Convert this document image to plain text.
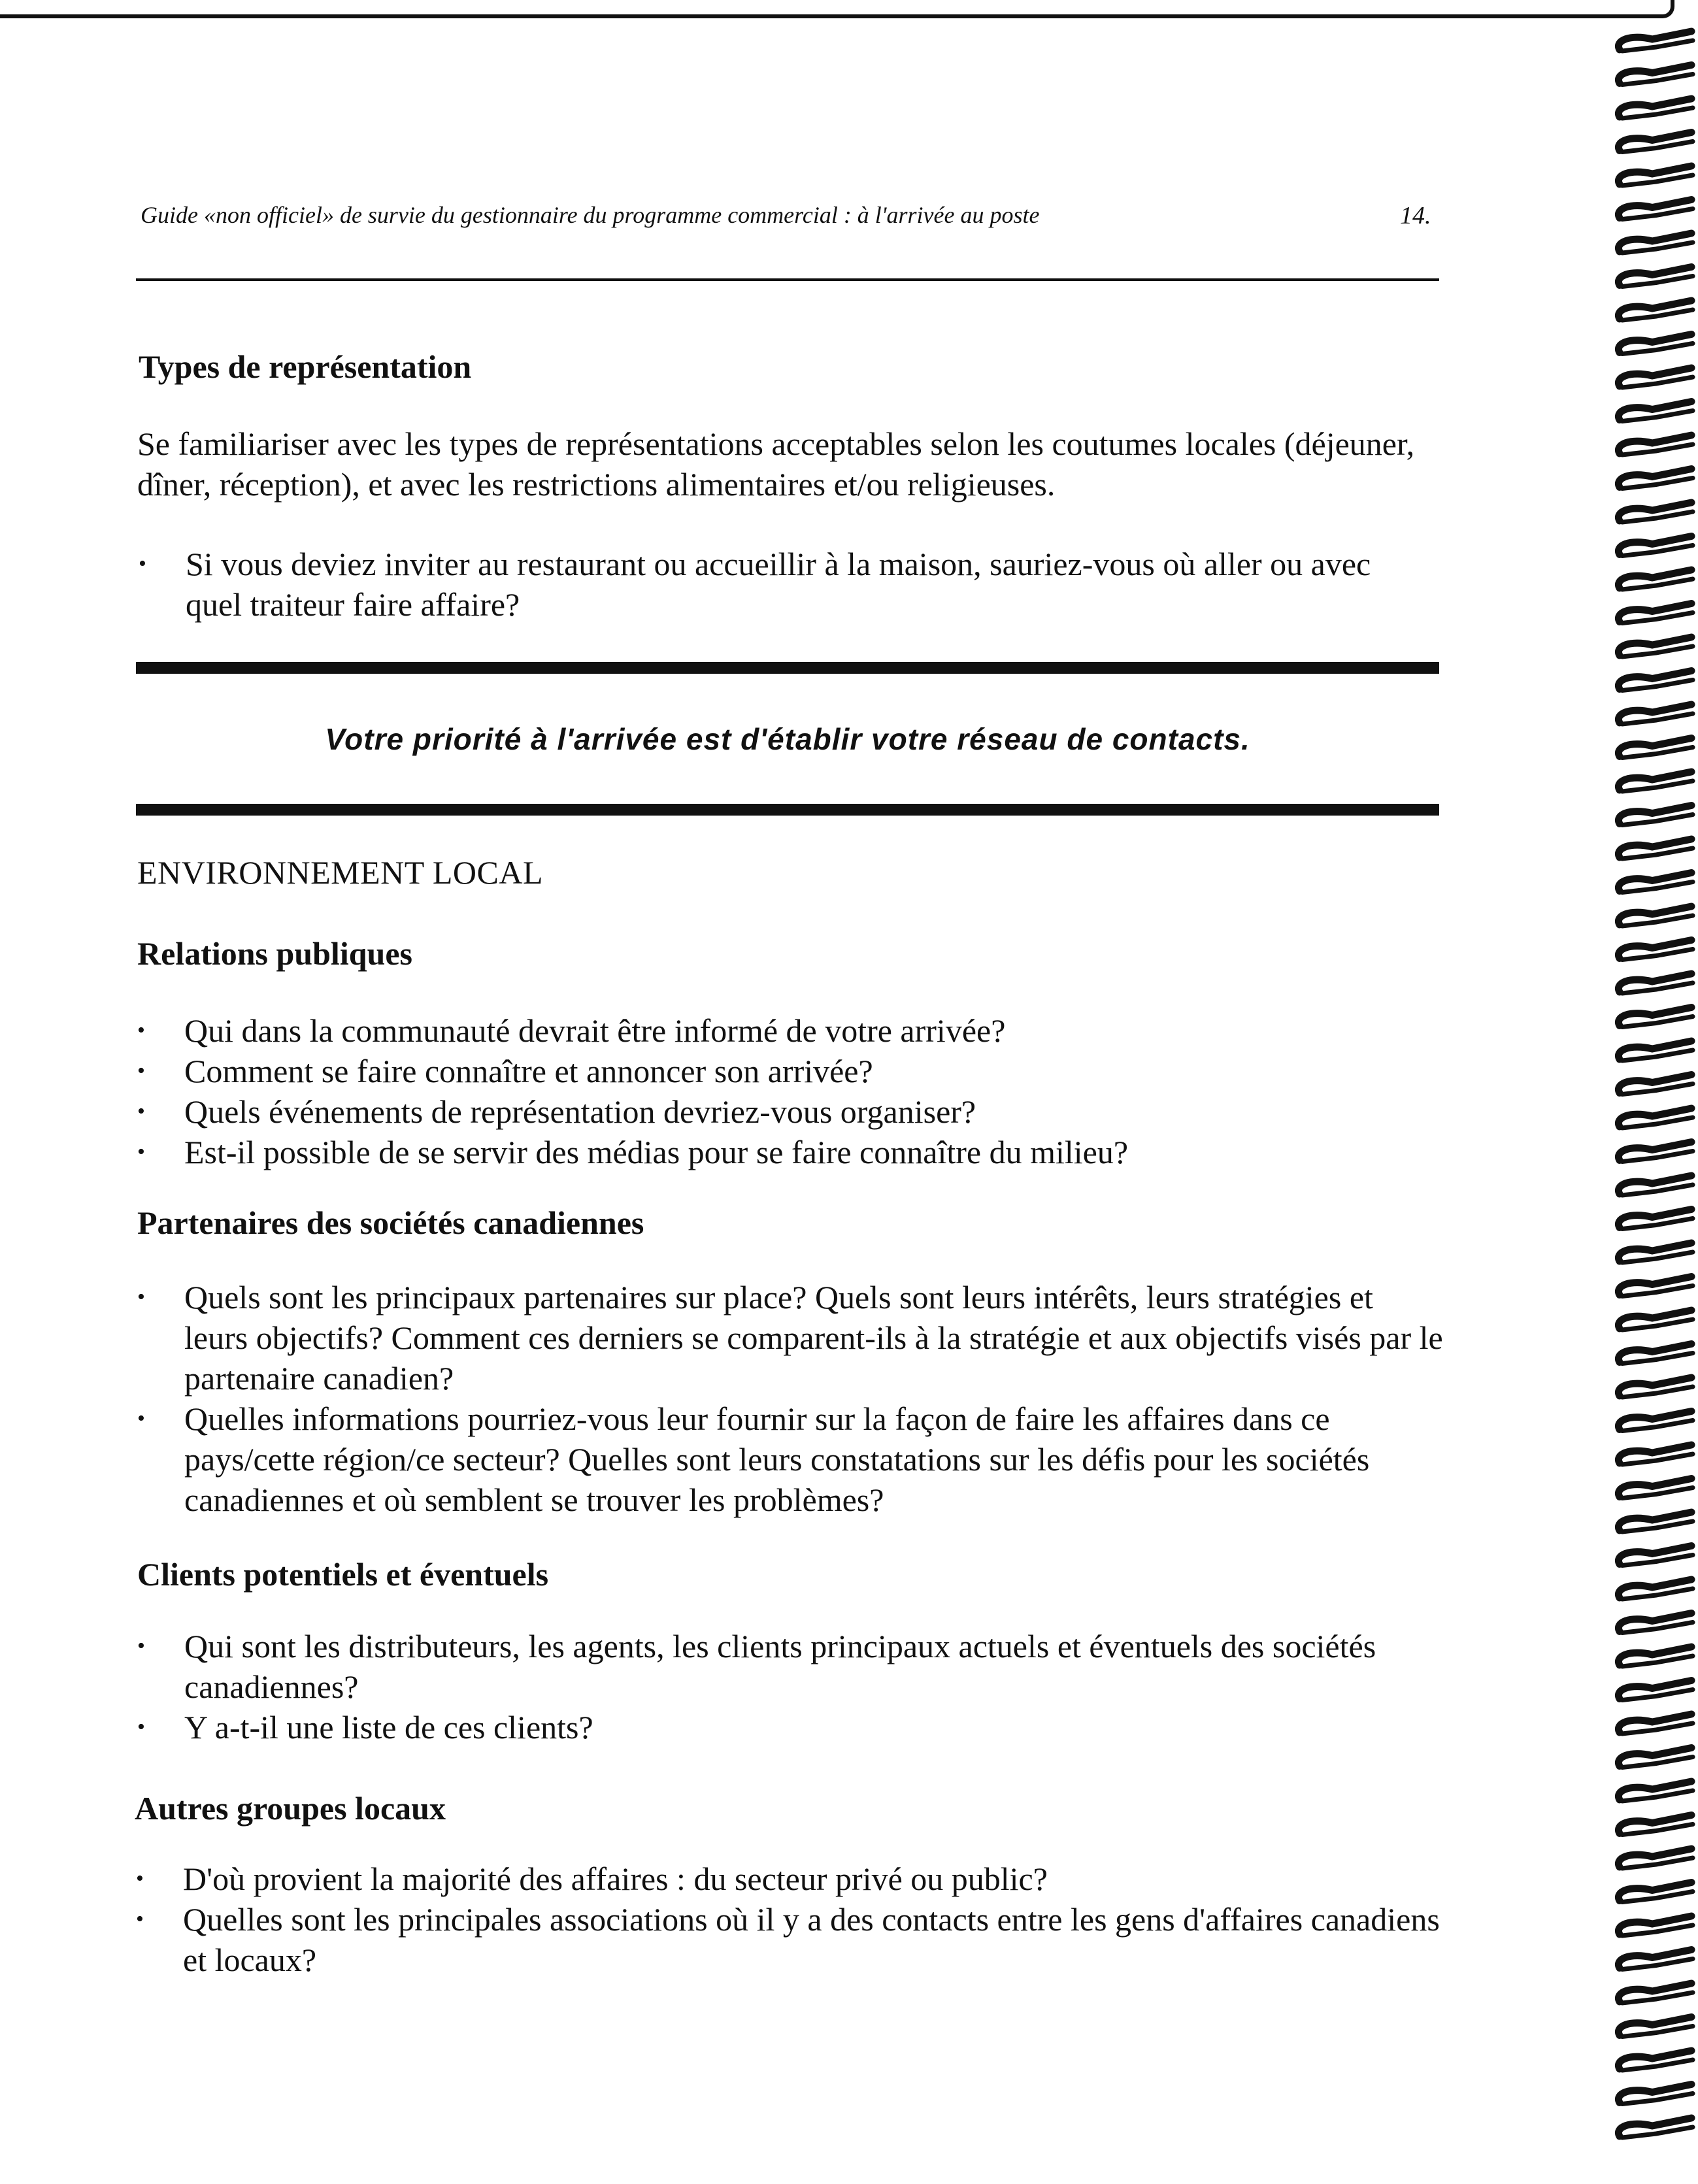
Guide «non officiel» de survie du gestionnaire du programme commercial : à l'arrivée au poste	14.
Types de représentation
Se familiariser avec les types de représentations acceptables selon les coutumes locales (déjeuner, dîner, réception), et avec les restrictions alimentaires et/ou religieuses.
• Si vous deviez inviter au restaurant ou accueillir à la maison, sauriez-vous où aller ou avec quel traiteur faire affaire?
Votre priorité à l'arrivée est d'établir votre réseau de contacts.
ENVIRONNEMENT LOCAL
Relations publiques
• Qui dans la communauté devrait être informé de votre arrivée?
• Comment se faire connaître et annoncer son arrivée?
• Quels événements de représentation devriez-vous organiser?
• Est-il possible de se servir des médias pour se faire connaître du milieu?
Partenaires des sociétés canadiennes
• Quels sont les principaux partenaires sur place? Quels sont leurs intérêts, leurs stratégies et leurs objectifs? Comment ces derniers se comparent-ils à la stratégie et aux objectifs visés par le partenaire canadien?
• Quelles informations pourriez-vous leur fournir sur la façon de faire les affaires dans ce pays/cette région/ce secteur? Quelles sont leurs constatations sur les défis pour les sociétés canadiennes et où semblent se trouver les problèmes?
Clients potentiels et éventuels
• Qui sont les distributeurs, les agents, les clients principaux actuels et éventuels des sociétés canadiennes?
• Y a-t-il une liste de ces clients?
Autres groupes locaux
• D'où provient la majorité des affaires : du secteur privé ou public?
• Quelles sont les principales associations où il y a des contacts entre les gens d'affaires canadiens et locaux?
